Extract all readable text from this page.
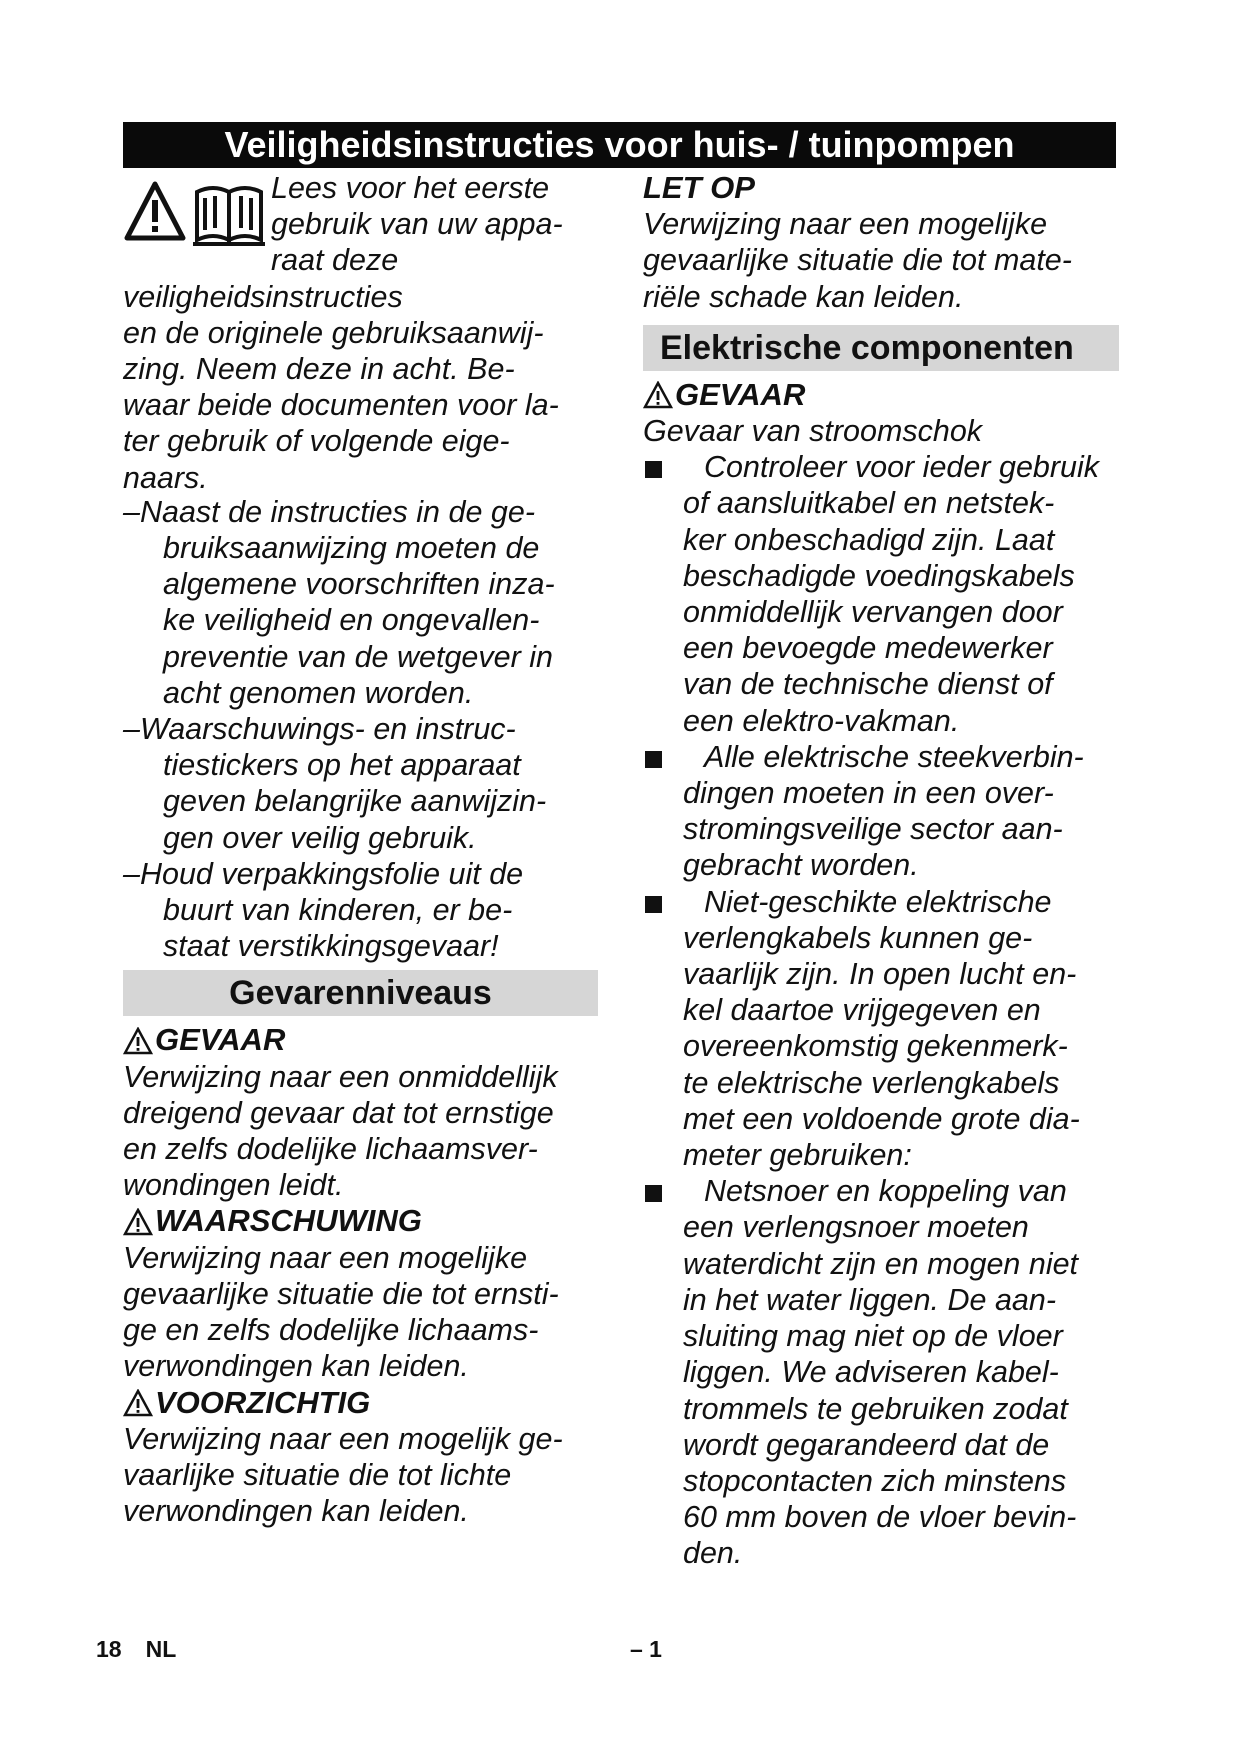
Veiligheidsinstructies voor huis- / tuinpompen

Lees voor het eerste

gebruik van uw appa-

raat deze veiligheidsinstructies

en de originele gebruiksaanwij-

zing. Neem deze in acht. Be-

waar beide documenten voor la-

ter gebruik of volgende eige-

naars.

–Naast de instructies in de ge-

bruiksaanwijzing moeten de

algemene voorschriften inza-

ke veiligheid en ongevallen-

preventie van de wetgever in

acht genomen worden.

–Waarschuwings- en instruc-

tiestickers op het apparaat

geven belangrijke aanwijzin-

gen over veilig gebruik.

–Houd verpakkingsfolie uit de

buurt van kinderen, er be-

staat verstikkingsgevaar!

Gevarenniveaus
GEVAAR

Verwijzing naar een onmiddellijk

dreigend gevaar dat tot ernstige

en zelfs dodelijke lichaamsver-

wondingen leidt.

WAARSCHUWING

Verwijzing naar een mogelijke

gevaarlijke situatie die tot ernsti-

ge en zelfs dodelijke lichaams-

verwondingen kan leiden.

VOORZICHTIG

Verwijzing naar een mogelijk ge-

vaarlijke situatie die tot lichte

verwondingen kan leiden.

LET OP

Verwijzing naar een mogelijke

gevaarlijke situatie die tot mate-

riële schade kan leiden.

Elektrische componenten
GEVAAR

Gevaar van stroomschok

Controleer voor ieder gebruik

of aansluitkabel en netstek-

ker onbeschadigd zijn. Laat

beschadigde voedingskabels

onmiddellijk vervangen door

een bevoegde medewerker

van de technische dienst of

een elektro-vakman.

Alle elektrische steekverbin-

dingen moeten in een over-

stromingsveilige sector aan-

gebracht worden.

Niet-geschikte elektrische

verlengkabels kunnen ge-

vaarlijk zijn. In open lucht en-

kel daartoe vrijgegeven en

overeenkomstig gekenmerk-

te elektrische verlengkabels

met een voldoende grote dia-

meter gebruiken:

Netsnoer en koppeling van

een verlengsnoer moeten

waterdicht zijn en mogen niet

in het water liggen. De aan-

sluiting mag niet op de vloer

liggen. We adviseren kabel-

trommels te gebruiken zodat

wordt gegarandeerd dat de

stopcontacten zich minstens

60 mm boven de vloer bevin-

den.

18 NL	– 1
